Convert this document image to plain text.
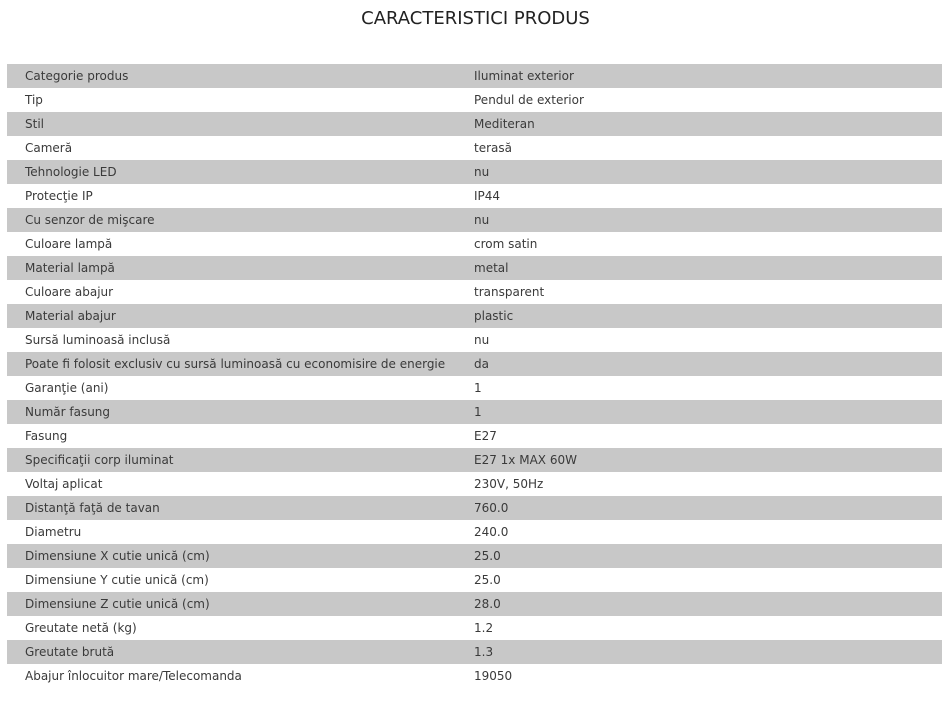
CARACTERISTICI PRODUS
Categorie produs	Iluminat exterior
Tip	Pendul de exterior
Stil	Mediteran
Cameră	terasă
Tehnologie LED	nu
Protecţie IP	IP44
Cu senzor de mişcare	nu
Culoare lampă	crom satin
Material lampă	metal
Culoare abajur	transparent
Material abajur	plastic
Sursă luminoasă inclusă	nu
Poate fi folosit exclusiv cu sursă luminoasă cu economisire de energie	da
Garanţie (ani)	1
Număr fasung	1
Fasung	E27
Specificaţii corp iluminat	E27 1x MAX 60W
Voltaj aplicat	230V, 50Hz
Distanţă faţă de tavan	760.0
Diametru	240.0
Dimensiune X cutie unică (cm)	25.0
Dimensiune Y cutie unică (cm)	25.0
Dimensiune Z cutie unică (cm)	28.0
Greutate netă (kg)	1.2
Greutate brută	1.3
Abajur înlocuitor mare/Telecomanda	19050
